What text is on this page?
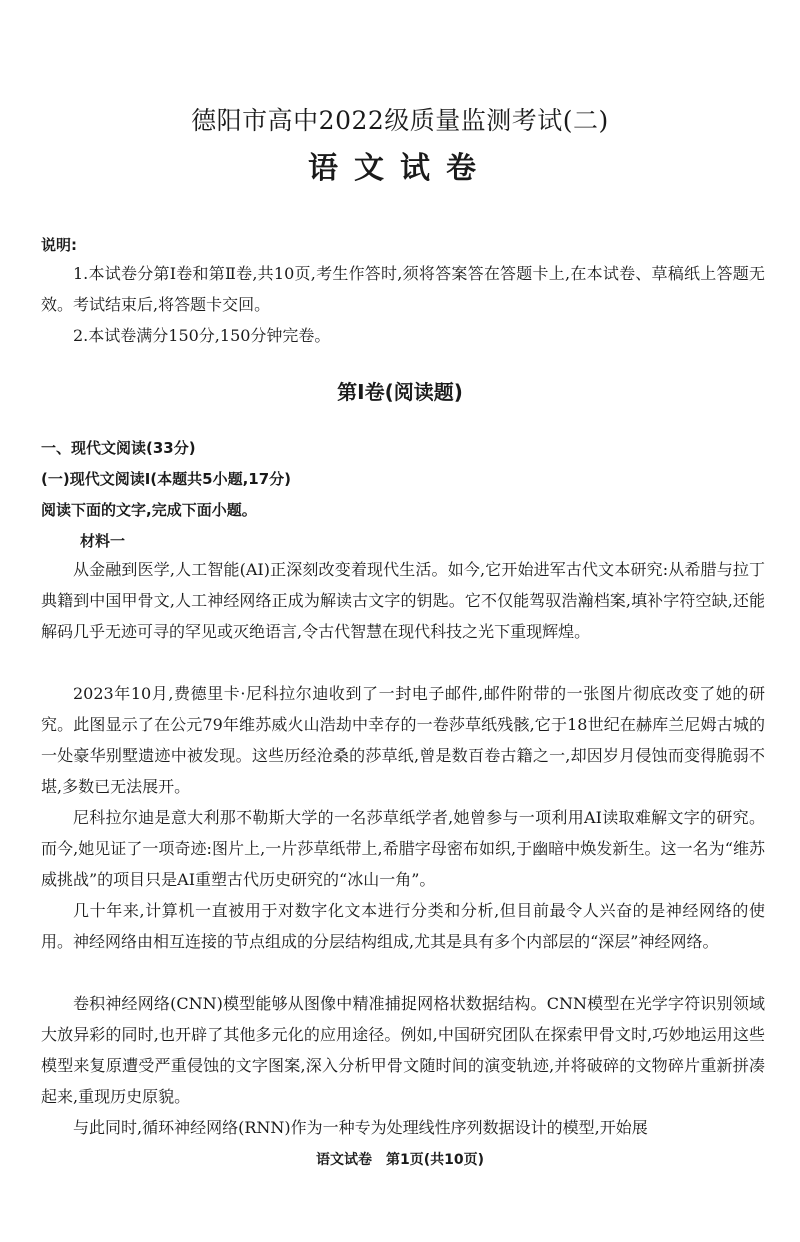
德阳市高中2022级质量监测考试(二)
语文试卷
说明:

1.本试卷分第Ⅰ卷和第Ⅱ卷,共10页,考生作答时,须将答案答在答题卡上,在本试卷、草稿纸上答题无效。考试结束后,将答题卡交回。

2.本试卷满分150分,150分钟完卷。

第Ⅰ卷(阅读题)
一、现代文阅读(33分)
(一)现代文阅读Ⅰ(本题共5小题,17分)
阅读下面的文字,完成下面小题。
材料一

从金融到医学,人工智能(AI)正深刻改变着现代生活。如今,它开始进军古代文本研究:从希腊与拉丁典籍到中国甲骨文,人工神经网络正成为解读古文字的钥匙。它不仅能驾驭浩瀚档案,填补字符空缺,还能解码几乎无迹可寻的罕见或灭绝语言,令古代智慧在现代科技之光下重现辉煌。

2023年10月,费德里卡·尼科拉尔迪收到了一封电子邮件,邮件附带的一张图片彻底改变了她的研究。此图显示了在公元79年维苏威火山浩劫中幸存的一卷莎草纸残骸,它于18世纪在赫库兰尼姆古城的一处豪华别墅遗迹中被发现。这些历经沧桑的莎草纸,曾是数百卷古籍之一,却因岁月侵蚀而变得脆弱不堪,多数已无法展开。

尼科拉尔迪是意大利那不勒斯大学的一名莎草纸学者,她曾参与一项利用AI读取难解文字的研究。而今,她见证了一项奇迹:图片上,一片莎草纸带上,希腊字母密布如织,于幽暗中焕发新生。这一名为“维苏威挑战”的项目只是AI重塑古代历史研究的“冰山一角”。

几十年来,计算机一直被用于对数字化文本进行分类和分析,但目前最令人兴奋的是神经网络的使用。神经网络由相互连接的节点组成的分层结构组成,尤其是具有多个内部层的“深层”神经网络。

卷积神经网络(CNN)模型能够从图像中精准捕捉网格状数据结构。CNN模型在光学字符识别领域大放异彩的同时,也开辟了其他多元化的应用途径。例如,中国研究团队在探索甲骨文时,巧妙地运用这些模型来复原遭受严重侵蚀的文字图案,深入分析甲骨文随时间的演变轨迹,并将破碎的文物碎片重新拼凑起来,重现历史原貌。

与此同时,循环神经网络(RNN)作为一种专为处理线性序列数据设计的模型,开始展

语文试卷　第1页(共10页)
